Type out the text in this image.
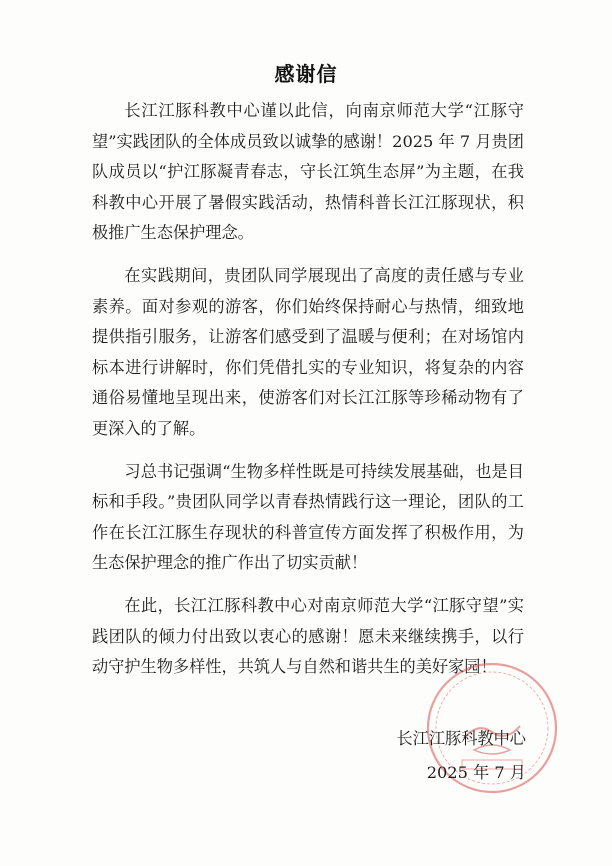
感谢信

长江江豚科教中心谨以此信，向南京师范大学“江豚守望”实践团队的全体成员致以诚挚的感谢！2025 年 7 月贵团队成员以“护江豚凝青春志，守长江筑生态屏”为主题，在我科教中心开展了暑假实践活动，热情科普长江江豚现状，积极推广生态保护理念。

在实践期间，贵团队同学展现出了高度的责任感与专业素养。面对参观的游客，你们始终保持耐心与热情，细致地提供指引服务，让游客们感受到了温暖与便利；在对场馆内标本进行讲解时，你们凭借扎实的专业知识，将复杂的内容通俗易懂地呈现出来，使游客们对长江江豚等珍稀动物有了更深入的了解。

习总书记强调“生物多样性既是可持续发展基础，也是目标和手段。”贵团队同学以青春热情践行这一理论，团队的工作在长江江豚生存现状的科普宣传方面发挥了积极作用，为生态保护理念的推广作出了切实贡献！

在此，长江江豚科教中心对南京师范大学“江豚守望”实践团队的倾力付出致以衷心的感谢！愿未来继续携手，以行动守护生物多样性，共筑人与自然和谐共生的美好家园！

长江江豚科教中心
2025 年 7 月
